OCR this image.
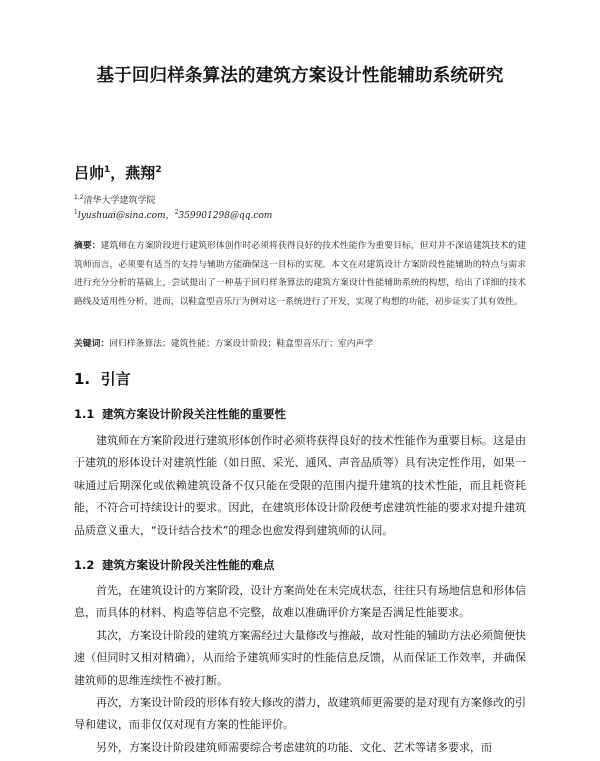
基于回归样条算法的建筑方案设计性能辅助系统研究
吕帅$^1$，燕翔$^2$
$^{1,2}$清华大学建筑学院
$^1$lyushuai@sina.com，$^2$359901298@qq.com
摘要：建筑师在方案阶段进行建筑形体创作时必须将获得良好的技术性能作为重要目标，但对并不深谙建筑技术的建筑师而言，必须要有适当的支持与辅助方能确保这一目标的实现。本文在对建筑设计方案阶段性能辅助的特点与需求进行充分分析的基础上，尝试提出了一种基于回归样条算法的建筑方案设计性能辅助系统的构想，给出了详细的技术路线及适用性分析，进而，以鞋盒型音乐厅为例对这一系统进行了开发，实现了构想的功能，初步证实了其有效性。
关键词：回归样条算法；建筑性能；方案设计阶段；鞋盒型音乐厅；室内声学
1. 引言
1.1 建筑方案设计阶段关注性能的重要性
建筑师在方案阶段进行建筑形体创作时必须将获得良好的技术性能作为重要目标。这是由于建筑的形体设计对建筑性能（如日照、采光、通风、声音品质等）具有决定性作用，如果一味通过后期深化或依赖建筑设备不仅只能在受限的范围内提升建筑的技术性能，而且耗资耗能，不符合可持续设计的要求。因此，在建筑形体设计阶段便考虑建筑性能的要求对提升建筑品质意义重大，“设计结合技术”的理念也愈发得到建筑师的认同。
1.2 建筑方案设计阶段关注性能的难点
首先，在建筑设计的方案阶段，设计方案尚处在未完成状态，往往只有场地信息和形体信息，而具体的材料、构造等信息不完整，故难以准确评价方案是否满足性能要求。
其次，方案设计阶段的建筑方案需经过大量修改与推敲，故对性能的辅助方法必须简便快速（但同时又相对精确），从而给予建筑师实时的性能信息反馈，从而保证工作效率，并确保建筑师的思维连续性不被打断。
再次，方案设计阶段的形体有较大修改的潜力，故建筑师更需要的是对现有方案修改的引导和建议，而非仅仅对现有方案的性能评价。
另外，方案设计阶段建筑师需要综合考虑建筑的功能、文化、艺术等诸多要求，而
